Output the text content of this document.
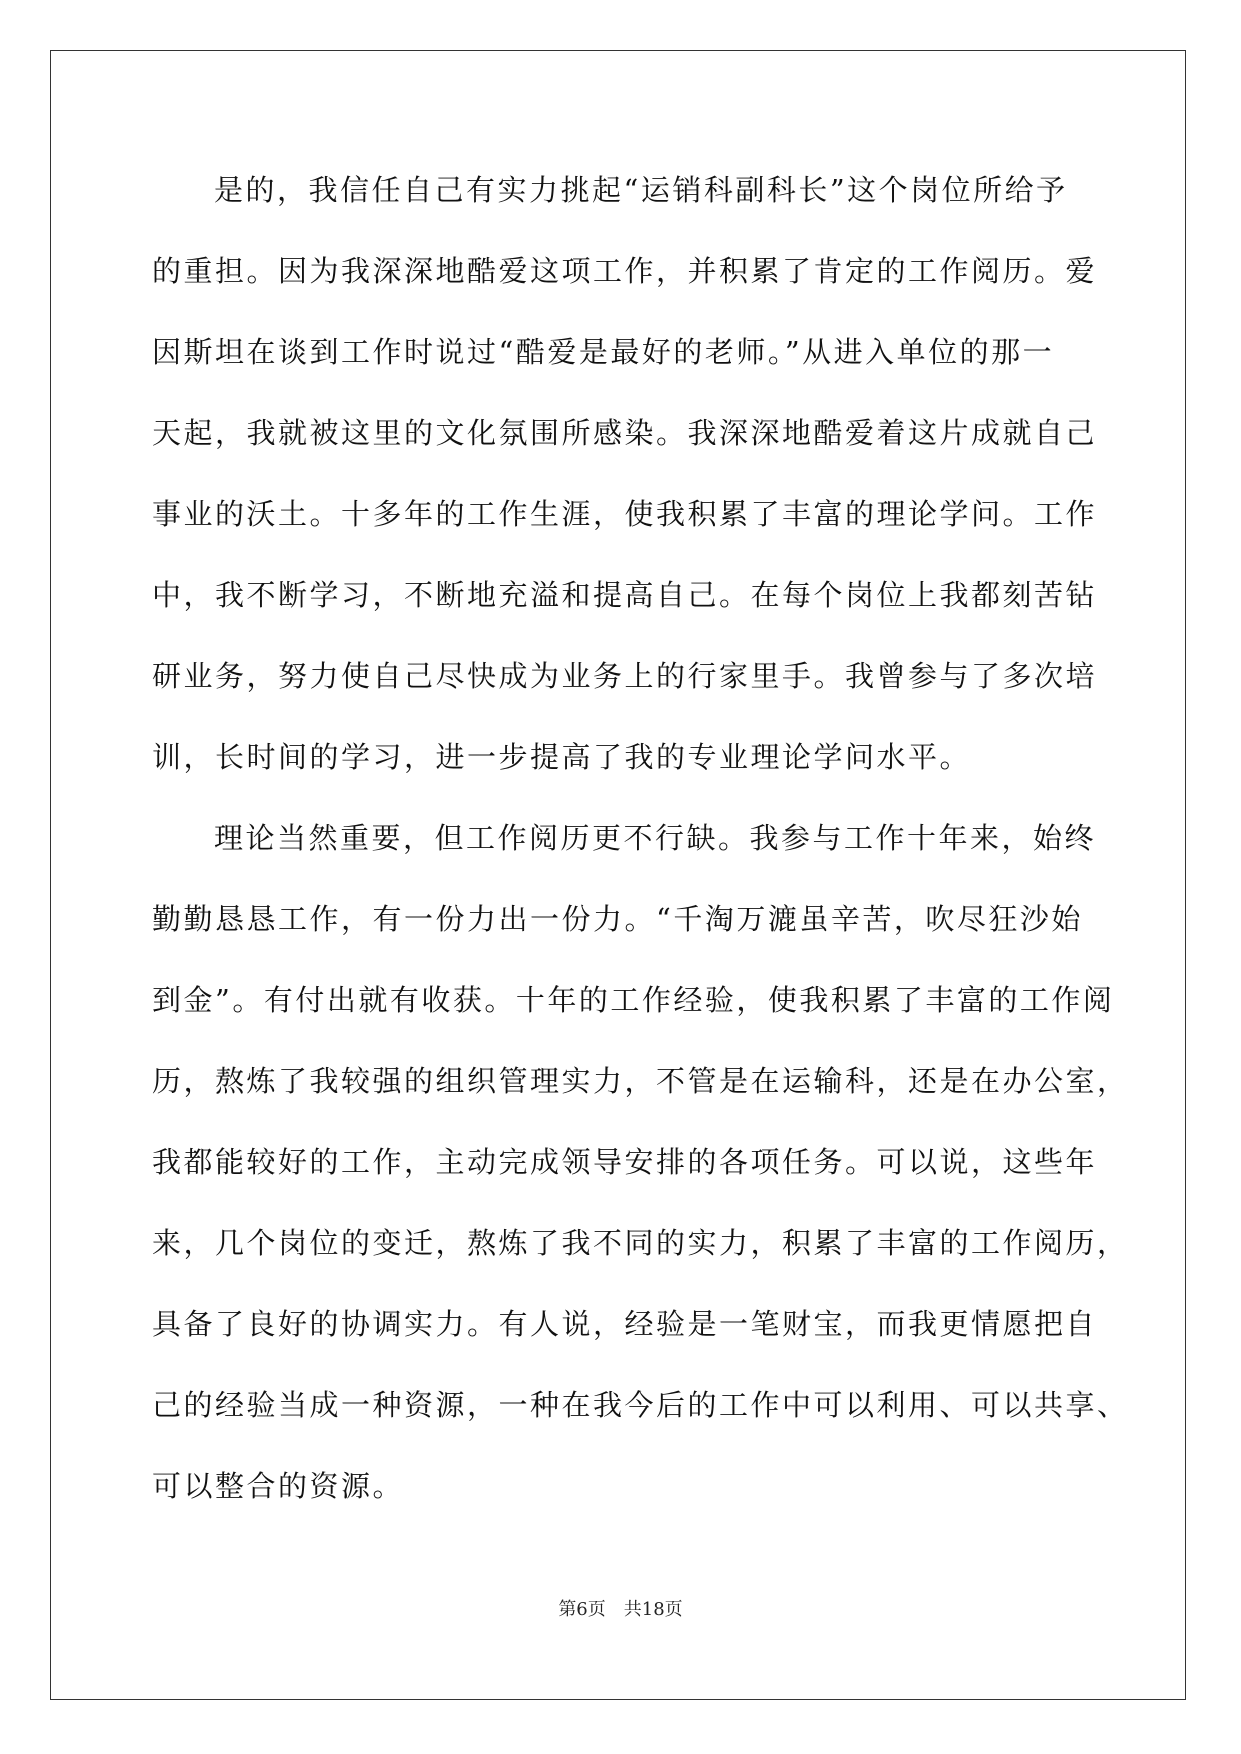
是的，我信任自己有实力挑起“运销科副科长”这个岗位所给予
的重担。因为我深深地酷爱这项工作，并积累了肯定的工作阅历。爱
因斯坦在谈到工作时说过“酷爱是最好的老师。”从进入单位的那一
天起，我就被这里的文化氛围所感染。我深深地酷爱着这片成就自己
事业的沃土。十多年的工作生涯，使我积累了丰富的理论学问。工作
中，我不断学习，不断地充溢和提高自己。在每个岗位上我都刻苦钻
研业务，努力使自己尽快成为业务上的行家里手。我曾参与了多次培
训，长时间的学习，进一步提高了我的专业理论学问水平。
理论当然重要，但工作阅历更不行缺。我参与工作十年来，始终
勤勤恳恳工作，有一份力出一份力。“千淘万漉虽辛苦，吹尽狂沙始
到金”。有付出就有收获。十年的工作经验，使我积累了丰富的工作阅
历，熬炼了我较强的组织管理实力，不管是在运输科，还是在办公室，
我都能较好的工作，主动完成领导安排的各项任务。可以说，这些年
来，几个岗位的变迁，熬炼了我不同的实力，积累了丰富的工作阅历，
具备了良好的协调实力。有人说，经验是一笔财宝，而我更情愿把自
己的经验当成一种资源，一种在我今后的工作中可以利用、可以共享、
可以整合的资源。
第6页　共18页
